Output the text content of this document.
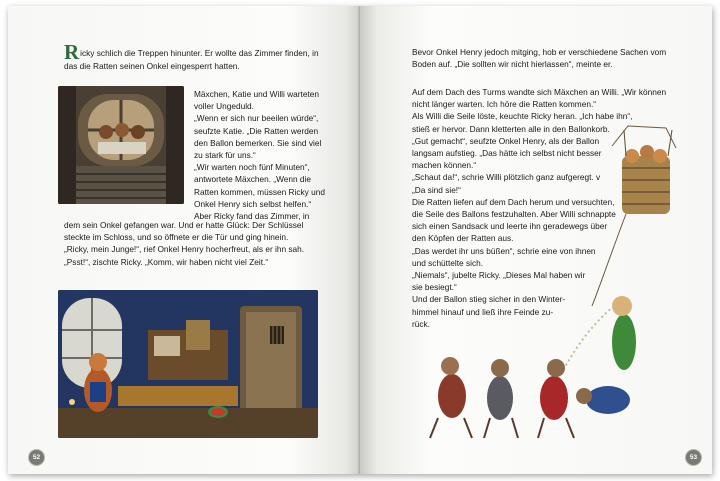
Ricky schlich die Treppen hinunter. Er wollte das Zimmer finden, in
das die Ratten seinen Onkel eingesperrt hatten.
Mäxchen, Katie und Willi warteten
voller Ungeduld.
„Wenn er sich nur beeilen würde“,
seufzte Katie. „Die Ratten werden
den Ballon bemerken. Sie sind viel
zu stark für uns.“
„Wir warten noch fünf Minuten“,
antwortete Mäxchen. „Wenn die
Ratten kommen, müssen Ricky und
Onkel Henry sich selbst helfen.“
Aber Ricky fand das Zimmer, in
dem sein Onkel gefangen war. Und er hatte Glück: Der Schlüssel
steckte im Schloss, und so öffnete er die Tür und ging hinein.
„Ricky, mein Junge!“, rief Onkel Henry hocherfreut, als er ihn sah.
„Psst!“, zischte Ricky. „Komm, wir haben nicht viel Zeit.“
52
Bevor Onkel Henry jedoch mitging, hob er verschiedene Sachen vom
Boden auf. „Die sollten wir nicht hierlassen“, meinte er.
Auf dem Dach des Turms wandte sich Mäxchen an Willi. „Wir können
nicht länger warten. Ich höre die Ratten kommen.“
Als Willi die Seile löste, keuchte Ricky heran. „Ich habe ihn“,
stieß er hervor. Dann kletterten alle in den Ballonkorb.
„Gut gemacht“, seufzte Onkel Henry, als der Ballon
langsam aufstieg. „Das hätte ich selbst nicht besser
machen können.“
„Schaut da!“, schrie Willi plötzlich ganz aufgeregt. v
„Da sind sie!“
Die Ratten liefen auf dem Dach herum und versuchten,
die Seile des Ballons festzuhalten. Aber Willi schnappte
sich einen Sandsack und leerte ihn geradewegs über
den Köpfen der Ratten aus.
„Das werdet ihr uns büßen“, schrie eine von ihnen
und schüttelte sich.
„Niemals“, jubelte Ricky. „Dieses Mal haben wir
sie besiegt.“
Und der Ballon stieg sicher in den Winter-
himmel hinauf und ließ ihre Feinde zu-
rück.
53
